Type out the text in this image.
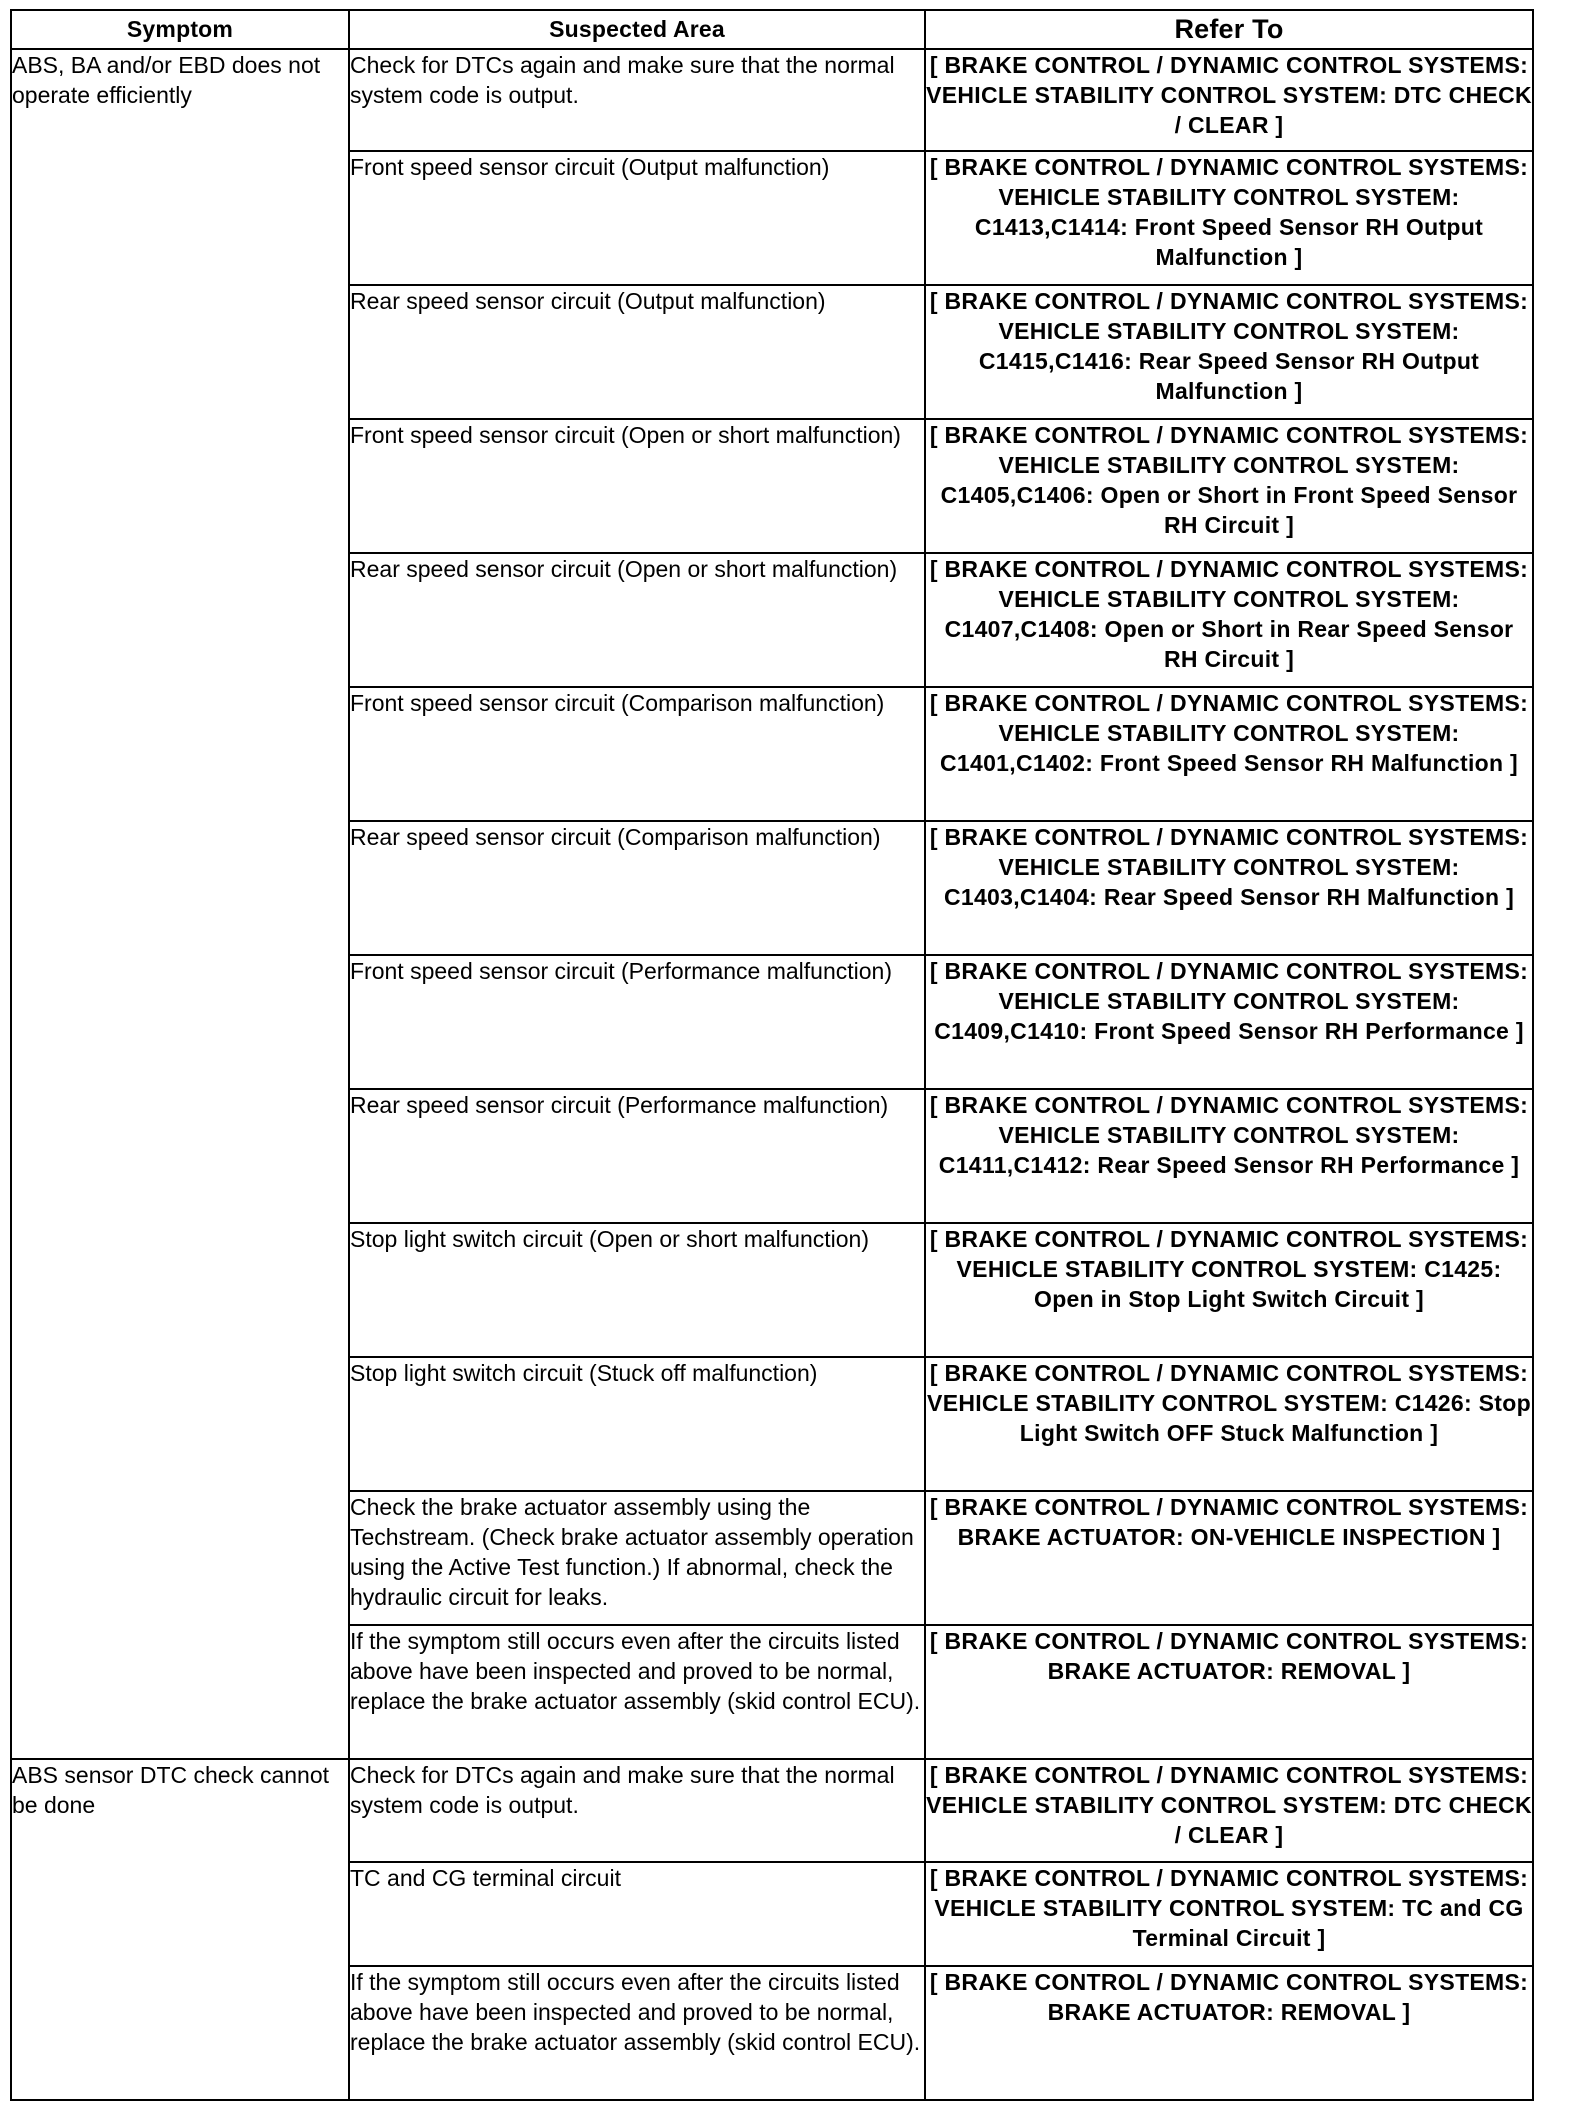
Symptom	Suspected Area	Refer To
ABS, BA and/or EBD does not operate efficiently	Check for DTCs again and make sure that the normal system code is output.	[ BRAKE CONTROL / DYNAMIC CONTROL SYSTEMS: VEHICLE STABILITY CONTROL SYSTEM: DTC CHECK / CLEAR ]
	Front speed sensor circuit (Output malfunction)	[ BRAKE CONTROL / DYNAMIC CONTROL SYSTEMS: VEHICLE STABILITY CONTROL SYSTEM: C1413,C1414: Front Speed Sensor RH Output Malfunction ]
	Rear speed sensor circuit (Output malfunction)	[ BRAKE CONTROL / DYNAMIC CONTROL SYSTEMS: VEHICLE STABILITY CONTROL SYSTEM: C1415,C1416: Rear Speed Sensor RH Output Malfunction ]
	Front speed sensor circuit (Open or short malfunction)	[ BRAKE CONTROL / DYNAMIC CONTROL SYSTEMS: VEHICLE STABILITY CONTROL SYSTEM: C1405,C1406: Open or Short in Front Speed Sensor RH Circuit ]
	Rear speed sensor circuit (Open or short malfunction)	[ BRAKE CONTROL / DYNAMIC CONTROL SYSTEMS: VEHICLE STABILITY CONTROL SYSTEM: C1407,C1408: Open or Short in Rear Speed Sensor RH Circuit ]
	Front speed sensor circuit (Comparison malfunction)	[ BRAKE CONTROL / DYNAMIC CONTROL SYSTEMS: VEHICLE STABILITY CONTROL SYSTEM: C1401,C1402: Front Speed Sensor RH Malfunction ]
	Rear speed sensor circuit (Comparison malfunction)	[ BRAKE CONTROL / DYNAMIC CONTROL SYSTEMS: VEHICLE STABILITY CONTROL SYSTEM: C1403,C1404: Rear Speed Sensor RH Malfunction ]
	Front speed sensor circuit (Performance malfunction)	[ BRAKE CONTROL / DYNAMIC CONTROL SYSTEMS: VEHICLE STABILITY CONTROL SYSTEM: C1409,C1410: Front Speed Sensor RH Performance ]
	Rear speed sensor circuit (Performance malfunction)	[ BRAKE CONTROL / DYNAMIC CONTROL SYSTEMS: VEHICLE STABILITY CONTROL SYSTEM: C1411,C1412: Rear Speed Sensor RH Performance ]
	Stop light switch circuit (Open or short malfunction)	[ BRAKE CONTROL / DYNAMIC CONTROL SYSTEMS: VEHICLE STABILITY CONTROL SYSTEM: C1425: Open in Stop Light Switch Circuit ]
	Stop light switch circuit (Stuck off malfunction)	[ BRAKE CONTROL / DYNAMIC CONTROL SYSTEMS: VEHICLE STABILITY CONTROL SYSTEM: C1426: Stop Light Switch OFF Stuck Malfunction ]
	Check the brake actuator assembly using the Techstream. (Check brake actuator assembly operation using the Active Test function.) If abnormal, check the hydraulic circuit for leaks.	[ BRAKE CONTROL / DYNAMIC CONTROL SYSTEMS: BRAKE ACTUATOR: ON-VEHICLE INSPECTION ]
	If the symptom still occurs even after the circuits listed above have been inspected and proved to be normal, replace the brake actuator assembly (skid control ECU).	[ BRAKE CONTROL / DYNAMIC CONTROL SYSTEMS: BRAKE ACTUATOR: REMOVAL ]
ABS sensor DTC check cannot be done	Check for DTCs again and make sure that the normal system code is output.	[ BRAKE CONTROL / DYNAMIC CONTROL SYSTEMS: VEHICLE STABILITY CONTROL SYSTEM: DTC CHECK / CLEAR ]
	TC and CG terminal circuit	[ BRAKE CONTROL / DYNAMIC CONTROL SYSTEMS: VEHICLE STABILITY CONTROL SYSTEM: TC and CG Terminal Circuit ]
	If the symptom still occurs even after the circuits listed above have been inspected and proved to be normal, replace the brake actuator assembly (skid control ECU).	[ BRAKE CONTROL / DYNAMIC CONTROL SYSTEMS: BRAKE ACTUATOR: REMOVAL ]
